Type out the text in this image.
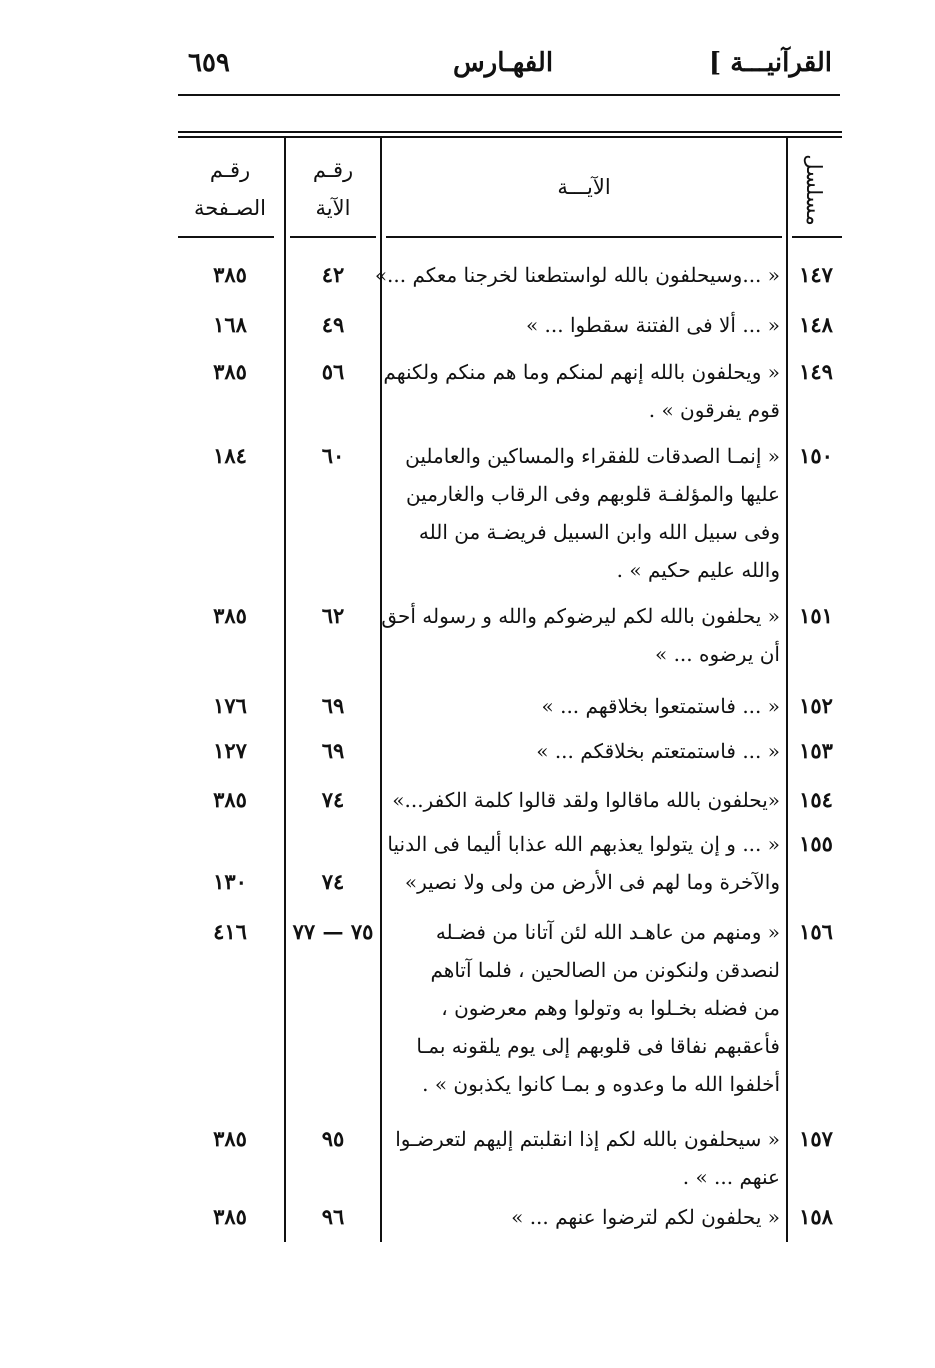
٦٥٩	الفهـارس	القرآنيـــة ]
مسلسل
الآيـــة
رقـم
الآية
رقـم
الصـفحة
١٤٧
« ...وسيحلفون بالله لواستطعنا لخرجنا معكم ...»
٤٢
٣٨٥
١٤٨
« ... ألا فى الفتنة سقطوا ... »
٤٩
١٦٨
١٤٩
« ويحلفون بالله إنهم لمنكم وما هم منكم ولكنهم
قوم يفرقون » .
٥٦
٣٨٥
١٥٠
« إنمـا الصدقات للفقراء والمساكين والعاملين
عليها والمؤلفـة قلوبهم وفى الرقاب والغارمين
وفى سبيل الله وابن السبيل فريضـة من الله
والله عليم حكيم » .
٦٠
١٨٤
١٥١
« يحلفون بالله لكم ليرضوكم والله و رسوله أحق
أن يرضوه ... »
٦٢
٣٨٥
١٥٢
« ... فاستمتعوا بخلاقهم ... »
٦٩
١٧٦
١٥٣
« ... فاستمتعتم بخلاقكم ... »
٦٩
١٢٧
١٥٤
«يحلفون بالله ماقالوا ولقد قالوا كلمة الكفر...»
٧٤
٣٨٥
١٥٥
« ... و إن يتولوا يعذبهم الله عذابا أليما فى الدنيا
والآخرة وما لهم فى الأرض من ولى ولا نصير»
٧٤
١٣٠
١٥٦
« ومنهم من عاهـد الله لئن آتانا من فضـله
لنصدقن ولنكونن من الصالحين ، فلما آتاهم
من فضله بخـلوا به وتولوا وهم معرضون ،
فأعقبهم نفاقا فى قلوبهم إلى يوم يلقونه بمـا
أخلفوا الله ما وعدوه و بمـا كانوا يكذبون » .
٧٥ — ٧٧
٤١٦
١٥٧
« سيحلفون بالله لكم إذا انقلبتم إليهم لتعرضـوا
عنهم ... » .
٩٥
٣٨٥
١٥٨
« يحلفون لكم لترضوا عنهم ... »
٩٦
٣٨٥
